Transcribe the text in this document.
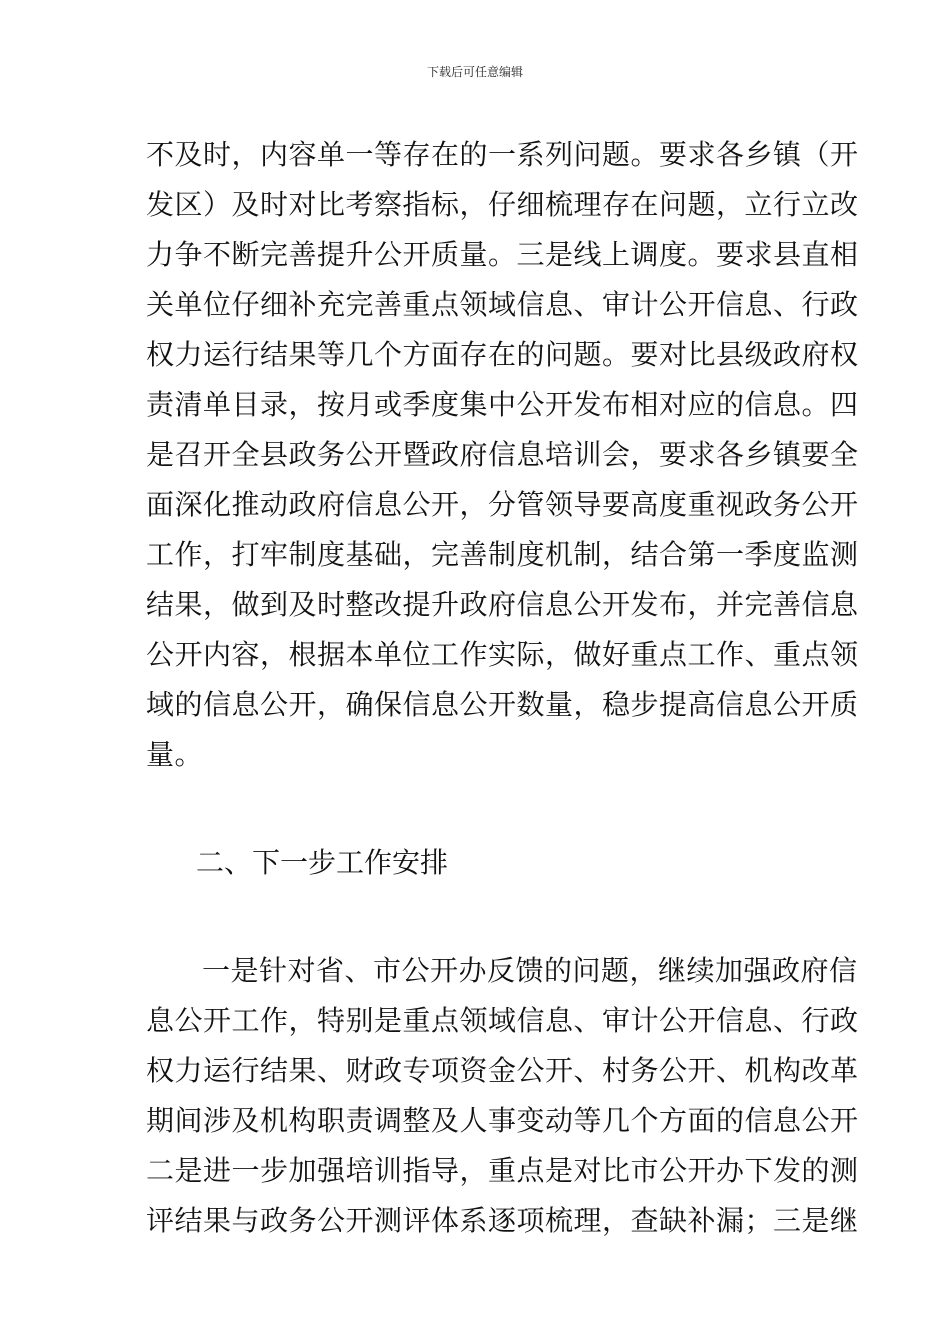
下载后可任意编辑
不及时，内容单一等存在的一系列问题。要求各乡镇（开
发区）及时对比考察指标，仔细梳理存在问题，立行立改
力争不断完善提升公开质量。三是线上调度。要求县直相
关单位仔细补充完善重点领域信息、审计公开信息、行政
权力运行结果等几个方面存在的问题。要对比县级政府权
责清单目录，按月或季度集中公开发布相对应的信息。四
是召开全县政务公开暨政府信息培训会，要求各乡镇要全
面深化推动政府信息公开，分管领导要高度重视政务公开
工作，打牢制度基础，完善制度机制，结合第一季度监测
结果，做到及时整改提升政府信息公开发布，并完善信息
公开内容，根据本单位工作实际，做好重点工作、重点领
域的信息公开，确保信息公开数量，稳步提高信息公开质
量。
二、下一步工作安排
一是针对省、市公开办反馈的问题，继续加强政府信
息公开工作，特别是重点领域信息、审计公开信息、行政
权力运行结果、财政专项资金公开、村务公开、机构改革
期间涉及机构职责调整及人事变动等几个方面的信息公开
二是进一步加强培训指导，重点是对比市公开办下发的测
评结果与政务公开测评体系逐项梳理，查缺补漏；三是继
